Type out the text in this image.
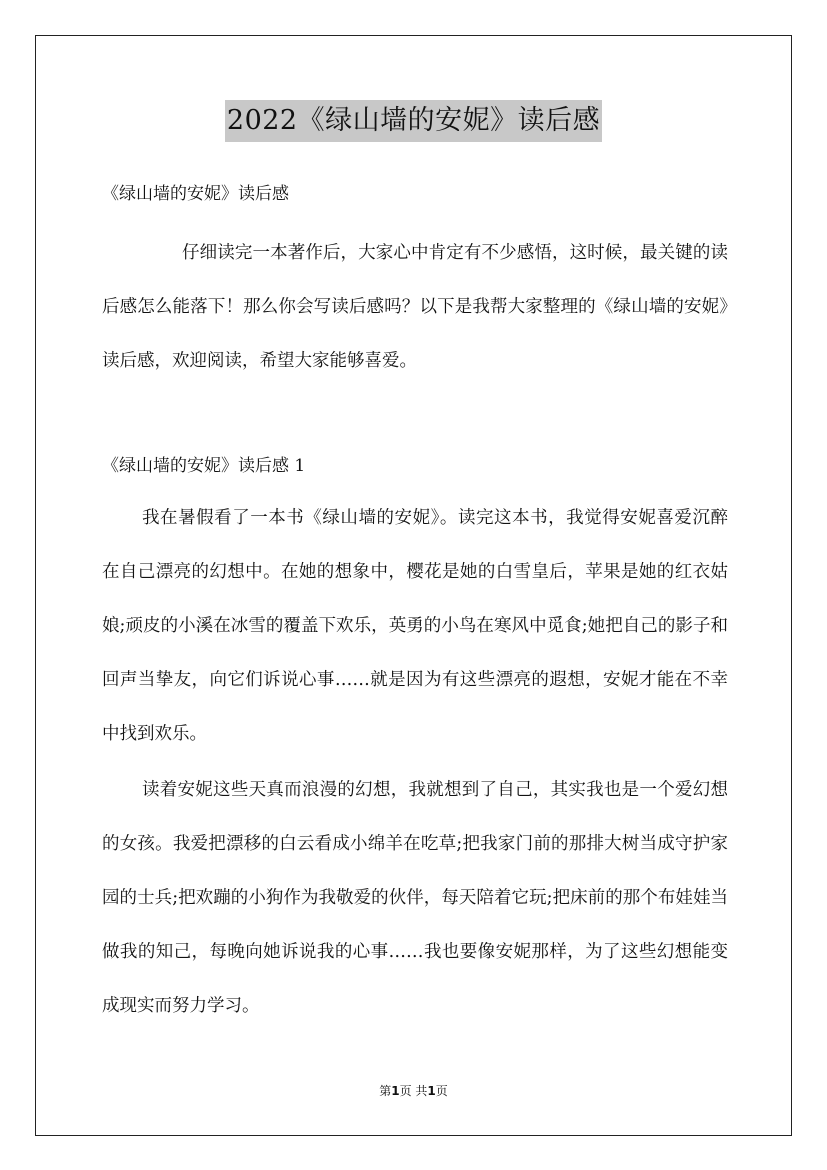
2022《绿山墙的安妮》读后感
《绿山墙的安妮》读后感

仔细读完一本著作后，大家心中肯定有不少感悟，这时候，最关键的读后感怎么能落下！那么你会写读后感吗？以下是我帮大家整理的《绿山墙的安妮》读后感，欢迎阅读，希望大家能够喜爱。

《绿山墙的安妮》读后感 1

我在暑假看了一本书《绿山墙的安妮》。读完这本书，我觉得安妮喜爱沉醉在自己漂亮的幻想中。在她的想象中，樱花是她的白雪皇后，苹果是她的红衣姑娘;顽皮的小溪在冰雪的覆盖下欢乐，英勇的小鸟在寒风中觅食;她把自己的影子和回声当挚友，向它们诉说心事……就是因为有这些漂亮的遐想，安妮才能在不幸中找到欢乐。

读着安妮这些天真而浪漫的幻想，我就想到了自己，其实我也是一个爱幻想的女孩。我爱把漂移的白云看成小绵羊在吃草;把我家门前的那排大树当成守护家园的士兵;把欢蹦的小狗作为我敬爱的伙伴，每天陪着它玩;把床前的那个布娃娃当做我的知己，每晚向她诉说我的心事……我也要像安妮那样，为了这些幻想能变成现实而努力学习。

第1页 共1页
